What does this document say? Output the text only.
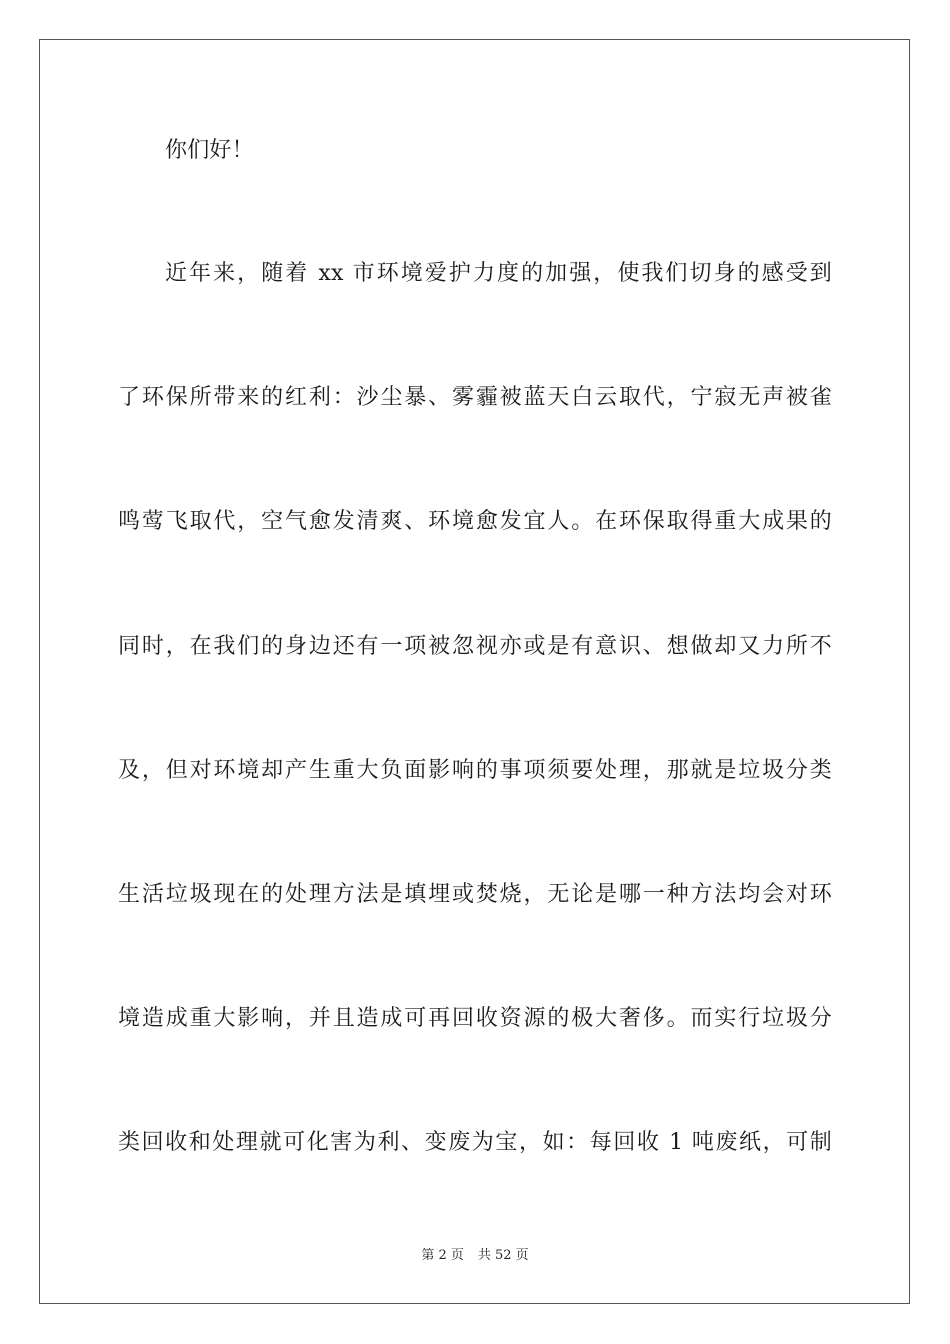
你们好！
近年来，随着 xx 市环境爱护力度的加强，使我们切身的感受到
了环保所带来的红利：沙尘暴、雾霾被蓝天白云取代，宁寂无声被雀
鸣莺飞取代，空气愈发清爽、环境愈发宜人。在环保取得重大成果的
同时，在我们的身边还有一项被忽视亦或是有意识、想做却又力所不
及，但对环境却产生重大负面影响的事项须要处理，那就是垃圾分类
生活垃圾现在的处理方法是填埋或焚烧，无论是哪一种方法均会对环
境造成重大影响，并且造成可再回收资源的极大奢侈。而实行垃圾分
类回收和处理就可化害为利、变废为宝，如：每回收 1 吨废纸，可制
第 2 页 共 52 页
